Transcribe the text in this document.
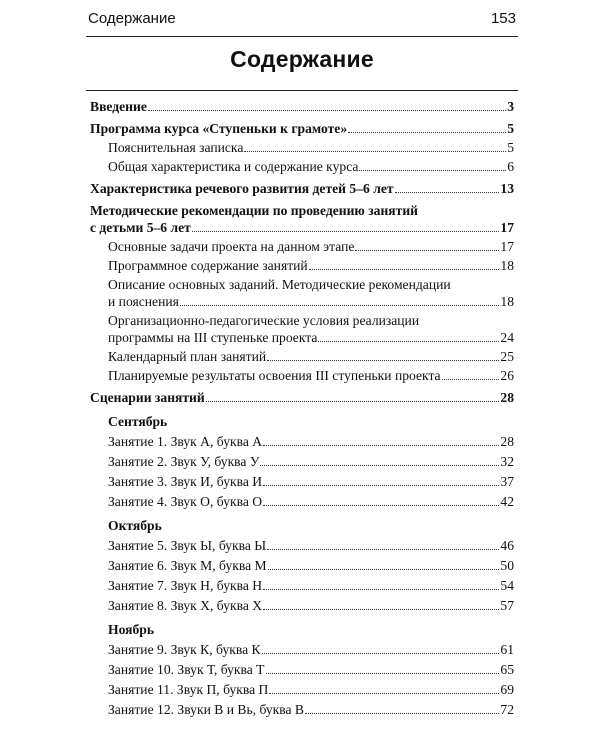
Содержание	153
Содержание
Введение	3
Программа курса «Ступеньки к грамоте»	5
Пояснительная записка	5
Общая характеристика и содержание курса	6
Характеристика речевого развития детей 5–6 лет	13
Методические рекомендации по проведению занятий
с детьми 5–6 лет	17
Основные задачи проекта на данном этапе	17
Программное содержание занятий	18
Описание основных заданий. Методические рекомендации
и пояснения	18
Организационно-педагогические условия реализации
программы на III ступеньке проекта	24
Календарный план занятий	25
Планируемые результаты освоения III ступеньки проекта	26
Сценарии занятий	28
Сентябрь
Занятие 1. Звук А, буква А	28
Занятие 2. Звук У, буква У	32
Занятие 3. Звук И, буква И	37
Занятие 4. Звук О, буква О	42
Октябрь
Занятие 5. Звук Ы, буква Ы	46
Занятие 6. Звук М, буква М	50
Занятие 7. Звук Н, буква Н	54
Занятие 8. Звук Х, буква Х	57
Ноябрь
Занятие 9. Звук К, буква К	61
Занятие 10. Звук Т, буква Т	65
Занятие 11. Звук П, буква П	69
Занятие 12. Звуки В и Вь, буква В	72
